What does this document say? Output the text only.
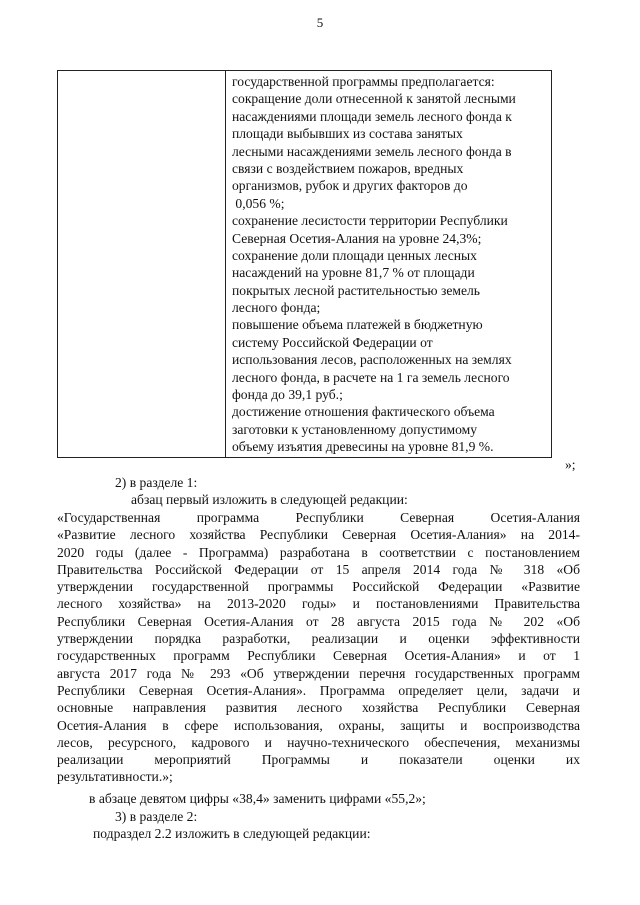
5
государственной программы предполагается:
сокращение доли отнесенной к занятой лесными
насаждениями площади земель лесного фонда к
площади выбывших из состава занятых
лесными насаждениями земель лесного фонда в
связи с воздействием пожаров, вредных
организмов, рубок и других факторов до
0,056 %;
сохранение лесистости территории Республики
Северная Осетия-Алания на уровне 24,3%;
сохранение доли площади ценных лесных
насаждений на уровне 81,7 % от площади
покрытых лесной растительностью земель
лесного фонда;
повышение объема платежей в бюджетную
систему Российской Федерации от
использования лесов, расположенных на землях
лесного фонда, в расчете на 1 га земель лесного
фонда до 39,1 руб.;
достижение отношения фактического объема
заготовки к установленному допустимому
объему изъятия древесины на уровне 81,9 %.
»;
2) в разделе 1:
абзац первый изложить в следующей редакции:
«Государственная программа Республики Северная Осетия-Алания
«Развитие лесного хозяйства Республики Северная Осетия-Алания» на 2014-
2020 годы (далее - Программа) разработана в соответствии с постановлением
Правительства Российской Федерации от 15 апреля 2014 года № 318 «Об
утверждении государственной программы Российской Федерации «Развитие
лесного хозяйства» на 2013-2020 годы» и постановлениями Правительства
Республики Северная Осетия-Алания от 28 августа 2015 года № 202 «Об
утверждении порядка разработки, реализации и оценки эффективности
государственных программ Республики Северная Осетия-Алания» и от 1
августа 2017 года № 293 «Об утверждении перечня государственных программ
Республики Северная Осетия-Алания». Программа определяет цели, задачи и
основные направления развития лесного хозяйства Республики Северная
Осетия-Алания в сфере использования, охраны, защиты и воспроизводства
лесов, ресурсного, кадрового и научно-технического обеспечения, механизмы
реализации мероприятий Программы и показатели оценки их
результативности.»;
в абзаце девятом цифры «38,4» заменить цифрами «55,2»;
3) в разделе 2:
подраздел 2.2 изложить в следующей редакции:
